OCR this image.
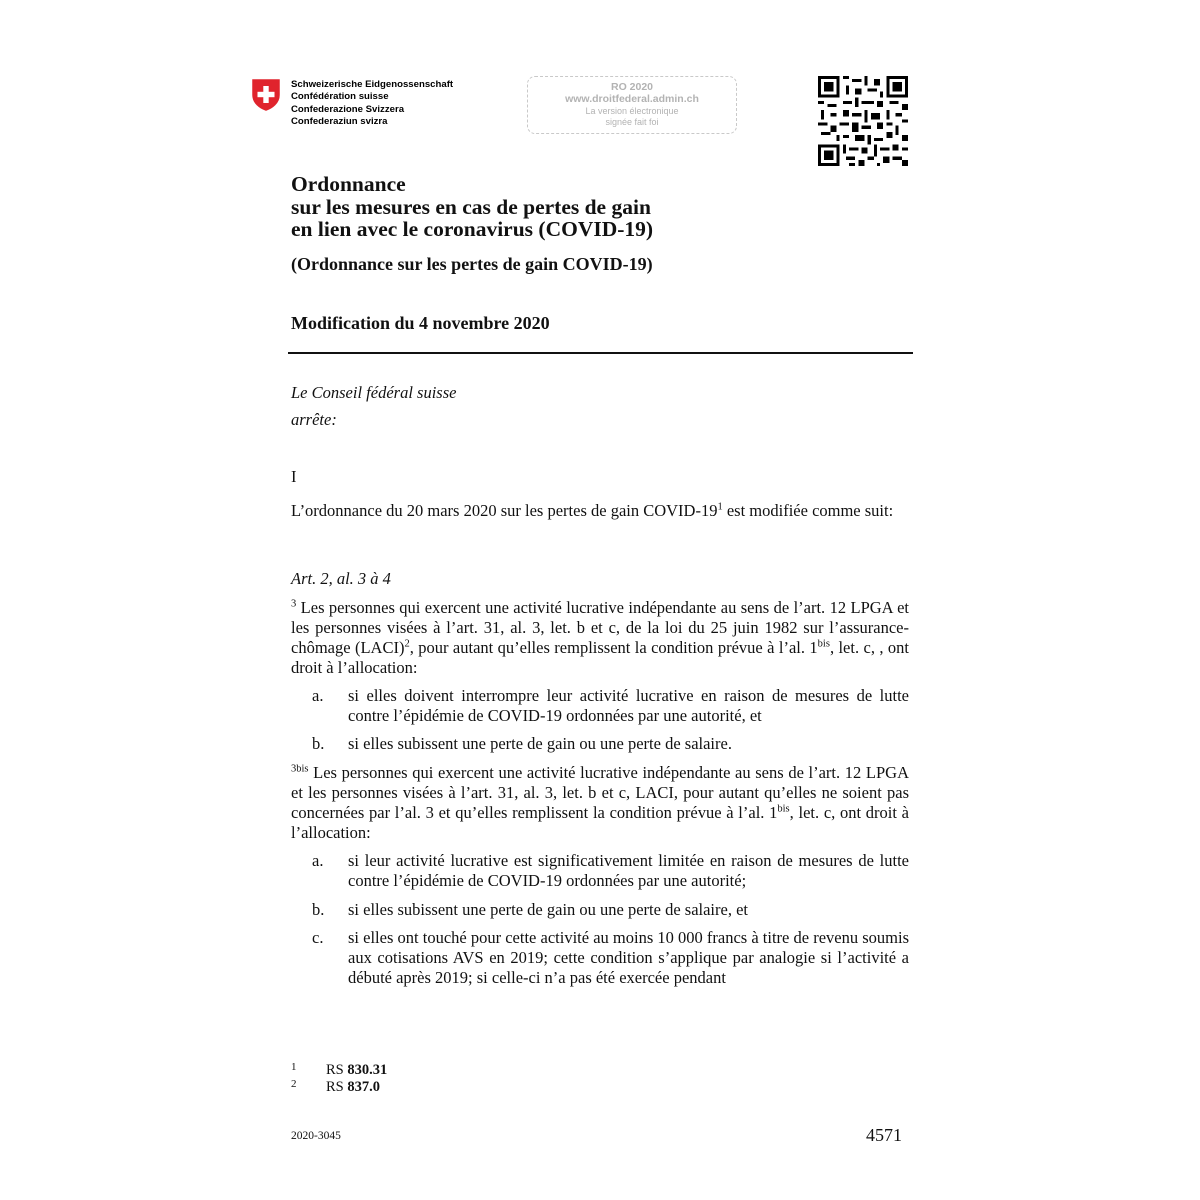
Schweizerische Eidgenossenschaft
Confédération suisse
Confederazione Svizzera
Confederaziun svizra
RO 2020
www.droitfederal.admin.ch
La version électronique
signée fait foi
Ordonnance
sur les mesures en cas de pertes de gain
en lien avec le coronavirus (COVID-19)
(Ordonnance sur les pertes de gain COVID-19)
Modification du 4 novembre 2020
Le Conseil fédéral suisse
arrête:
I
L’ordonnance du 20 mars 2020 sur les pertes de gain COVID-$19^1$ est modifiée comme suit:
Art. 2, al. 3 à 4
$^3$ Les personnes qui exercent une activité lucrative indépendante au sens de l’art. 12 LPGA et les personnes visées à l’art. 31, al. 3, let. b et c, de la loi du 25 juin 1982 sur l’assurance-chômage (LACI)$^2$, pour autant qu’elles remplissent la condition prévue à l’al. $1^{bis}$, let. c, , ont droit à l’allocation:
a. si elles doivent interrompre leur activité lucrative en raison de mesures de lutte contre l’épidémie de COVID-19 ordonnées par une autorité, et
b. si elles subissent une perte de gain ou une perte de salaire.
$^{3bis}$ Les personnes qui exercent une activité lucrative indépendante au sens de l’art. 12 LPGA et les personnes visées à l’art. 31, al. 3, let. b et c, LACI, pour autant qu’elles ne soient pas concernées par l’al. 3 et qu’elles remplissent la condition prévue à l’al. $1^{bis}$, let. c, ont droit à l’allocation:
a. si leur activité lucrative est significativement limitée en raison de mesures de lutte contre l’épidémie de COVID-19 ordonnées par une autorité;
b. si elles subissent une perte de gain ou une perte de salaire, et
c. si elles ont touché pour cette activité au moins 10 000 francs à titre de revenu soumis aux cotisations AVS en 2019; cette condition s’applique par analogie si l’activité a débuté après 2019; si celle-ci n’a pas été exercée pendant
1 RS 830.31
2 RS 837.0
2020-3045	4571
